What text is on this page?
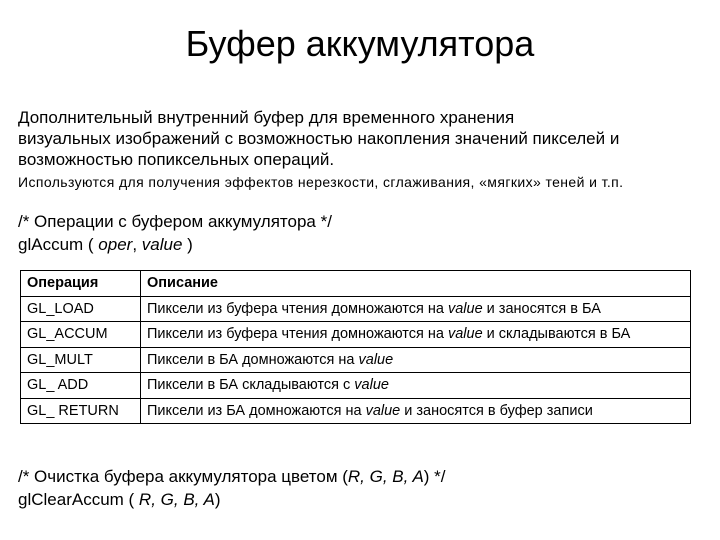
Буфер аккумулятора
Дополнительный внутренний буфер для временного хранения
визуальных изображений с возможностью накопления значений пикселей и
возможностью попиксельных операций.
Используются для получения эффектов нерезкости, сглаживания, «мягких» теней и т.п.
/* Операции с буфером аккумулятора */
glAccum ( oper, value )
Операция	Описание
GL_LOAD	Пиксели из буфера чтения домножаются на value и заносятся в БА
GL_ACCUM	Пиксели из буфера чтения домножаются на value и складываются в БА
GL_MULT	Пиксели в БА домножаются на value
GL_ ADD	Пиксели в БА складываются с value
GL_ RETURN	Пиксели из БА домножаются на value и заносятся в буфер записи
/* Очистка буфера аккумулятора цветом (R, G, B, A) */
glClearAccum ( R, G, B, A)
